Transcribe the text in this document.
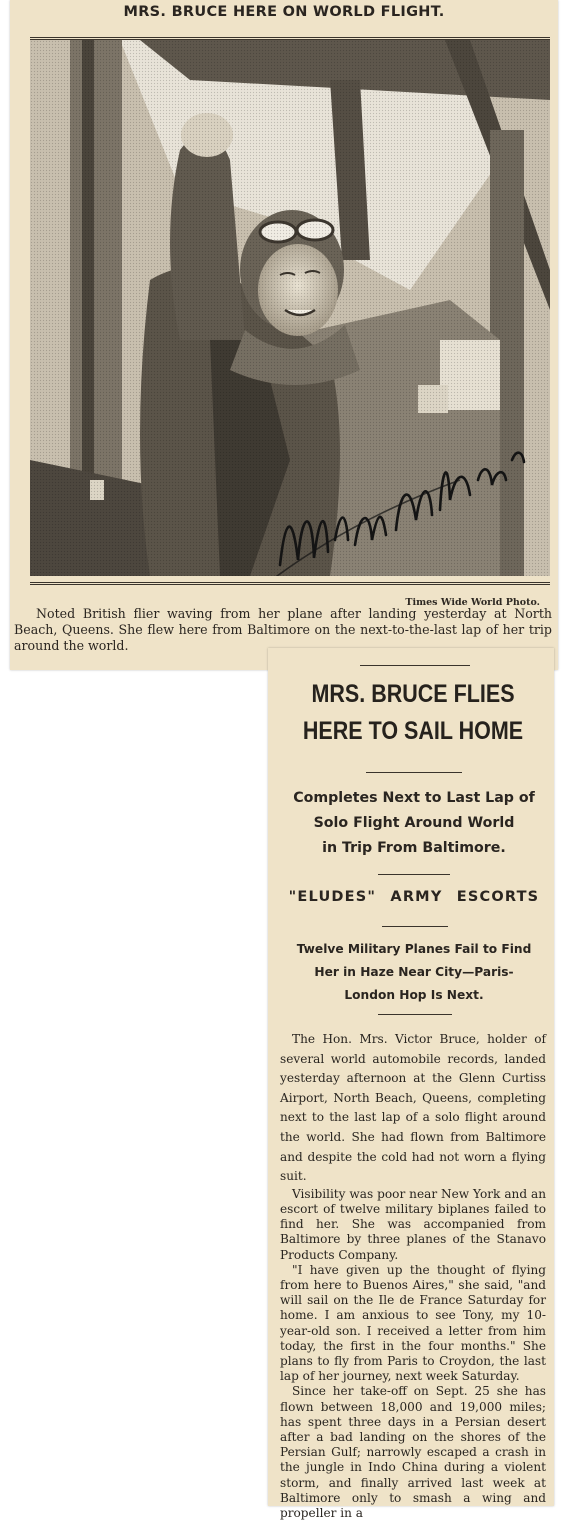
MRS. BRUCE HERE ON WORLD FLIGHT.
Times Wide World Photo.
Noted British flier waving from her plane after landing yesterday at North Beach, Queens. She flew here from Baltimore on the next-to-the-last lap of her trip around the world.
MRS. BRUCE FLIES
HERE TO SAIL HOME
Completes Next to Last Lap of
Solo Flight Around World
in Trip From Baltimore.
"ELUDES" ARMY ESCORTS
Twelve Military Planes Fail to Find
Her in Haze Near City—Paris-
London Hop Is Next.

The Hon. Mrs. Victor Bruce, holder of several world automobile records, landed yesterday afternoon at the Glenn Curtiss Airport, North Beach, Queens, completing next to the last lap of a solo flight around the world. She had flown from Baltimore and despite the cold had not worn a flying suit.

Visibility was poor near New York and an escort of twelve military biplanes failed to find her. She was accompanied from Baltimore by three planes of the Stanavo Products Company.

"I have given up the thought of flying from here to Buenos Aires," she said, "and will sail on the Ile de France Saturday for home. I am anxious to see Tony, my 10-year-old son. I received a letter from him today, the first in the four months." She plans to fly from Paris to Croydon, the last lap of her journey, next week Saturday.

Since her take-off on Sept. 25 she has flown between 18,000 and 19,000 miles; has spent three days in a Persian desert after a bad landing on the shores of the Persian Gulf; narrowly escaped a crash in the jungle in Indo China during a violent storm, and finally arrived last week at Baltimore only to smash a wing and propeller in a
